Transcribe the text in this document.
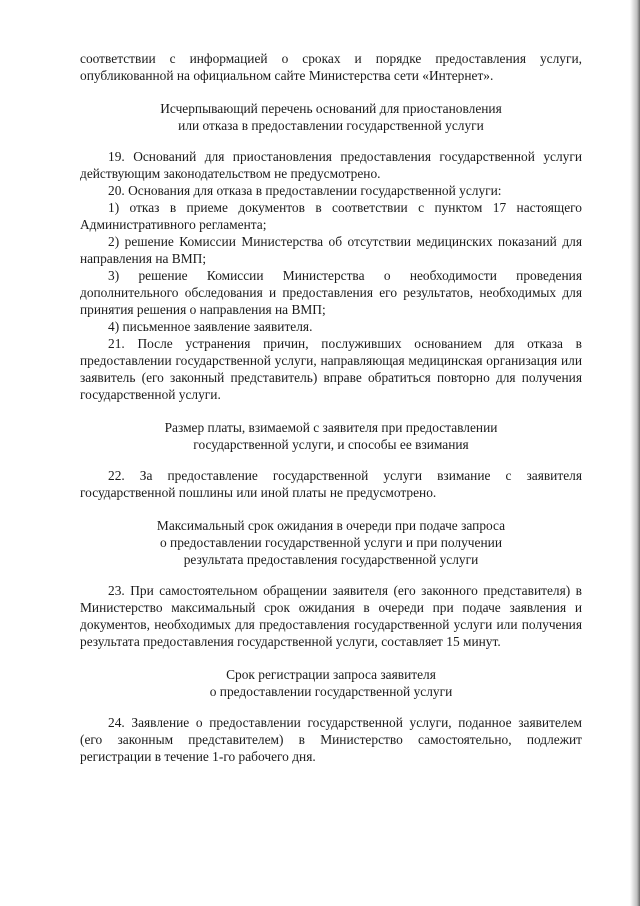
соответствии с информацией о сроках и порядке предоставления услуги, опубликованной на официальном сайте Министерства сети «Интернет».

Исчерпывающий перечень оснований для приостановления
или отказа в предоставлении государственной услуги

19. Оснований для приостановления предоставления государственной услуги действующим законодательством не предусмотрено.

20. Основания для отказа в предоставлении государственной услуги:

1) отказ в приеме документов в соответствии с пунктом 17 настоящего Административного регламента;

2) решение Комиссии Министерства об отсутствии медицинских показаний для направления на ВМП;

3) решение Комиссии Министерства о необходимости проведения дополнительного обследования и предоставления его результатов, необходимых для принятия решения о направления на ВМП;

4) письменное заявление заявителя.

21. После устранения причин, послуживших основанием для отказа в предоставлении государственной услуги, направляющая медицинская организация или заявитель (его законный представитель) вправе обратиться повторно для получения государственной услуги.

Размер платы, взимаемой с заявителя при предоставлении
государственной услуги, и способы ее взимания

22. За предоставление государственной услуги взимание с заявителя государственной пошлины или иной платы не предусмотрено.

Максимальный срок ожидания в очереди при подаче запроса
о предоставлении государственной услуги и при получении
результата предоставления государственной услуги

23. При самостоятельном обращении заявителя (его законного представителя) в Министерство максимальный срок ожидания в очереди при подаче заявления и документов, необходимых для предоставления государственной услуги или получения результата предоставления государственной услуги, составляет 15 минут.

Срок регистрации запроса заявителя
о предоставлении государственной услуги

24. Заявление о предоставлении государственной услуги, поданное заявителем (его законным представителем) в Министерство самостоятельно, подлежит регистрации в течение 1-го рабочего дня.
